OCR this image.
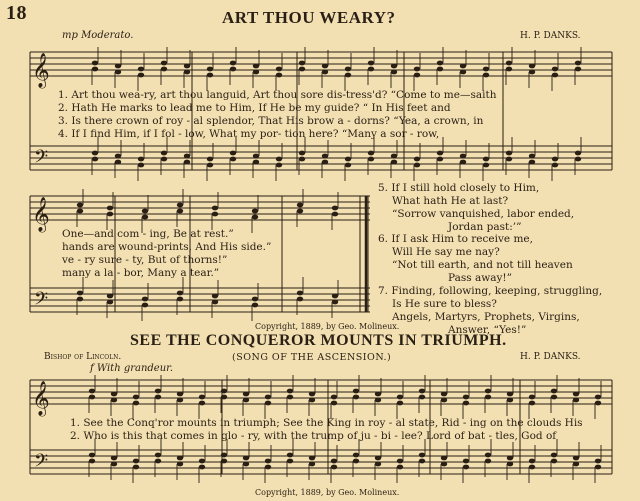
𝄞
𝄢
𝄞
𝄢
𝄞
𝄢
18	ART THOU WEARY?
mp Moderato.	H. P. DANKS.
1. Art thou wea-ry, art thou languid, Art thou sore dis-tress'd? “Come to me—saith
2. Hath He marks to lead me to Him, If He be my guide? “ In His feet and
3. Is there crown of roy - al splendor, That His brow a - dorns? “Yea, a crown, in
4. If I find Him, if I fol - low, What my por- tion here? “Many a sor - row,
One—and com - ing, Be at rest.”
hands are wound-prints, And His side.”
ve - ry sure - ty, But of thorns!”
many a la - bor, Many a tear.”
5. If I still hold closely to Him,
What hath He at last?
“Sorrow vanquished, labor ended,
Jordan past:’”
6. If I ask Him to receive me,
Will He say me nay?
“Not till earth, and not till heaven
Pass away!”
7. Finding, following, keeping, struggling,
Is He sure to bless?
Angels, Martyrs, Prophets, Virgins,
Answer, “Yes!”
Copyright, 1889, by Geo. Molineux.
SEE THE CONQUEROR MOUNTS IN TRIUMPH.
(SONG OF THE ASCENSION.)
Bishop of Lincoln.	H. P. DANKS.
f With grandeur.
1. See the Conq'ror mounts in triumph; See the King in roy - al state, Rid - ing on the clouds His
2. Who is this that comes in glo - ry, with the trump of ju - bi - lee? Lord of bat - tles, God of
Copyright, 1889, by Geo. Molineux.
